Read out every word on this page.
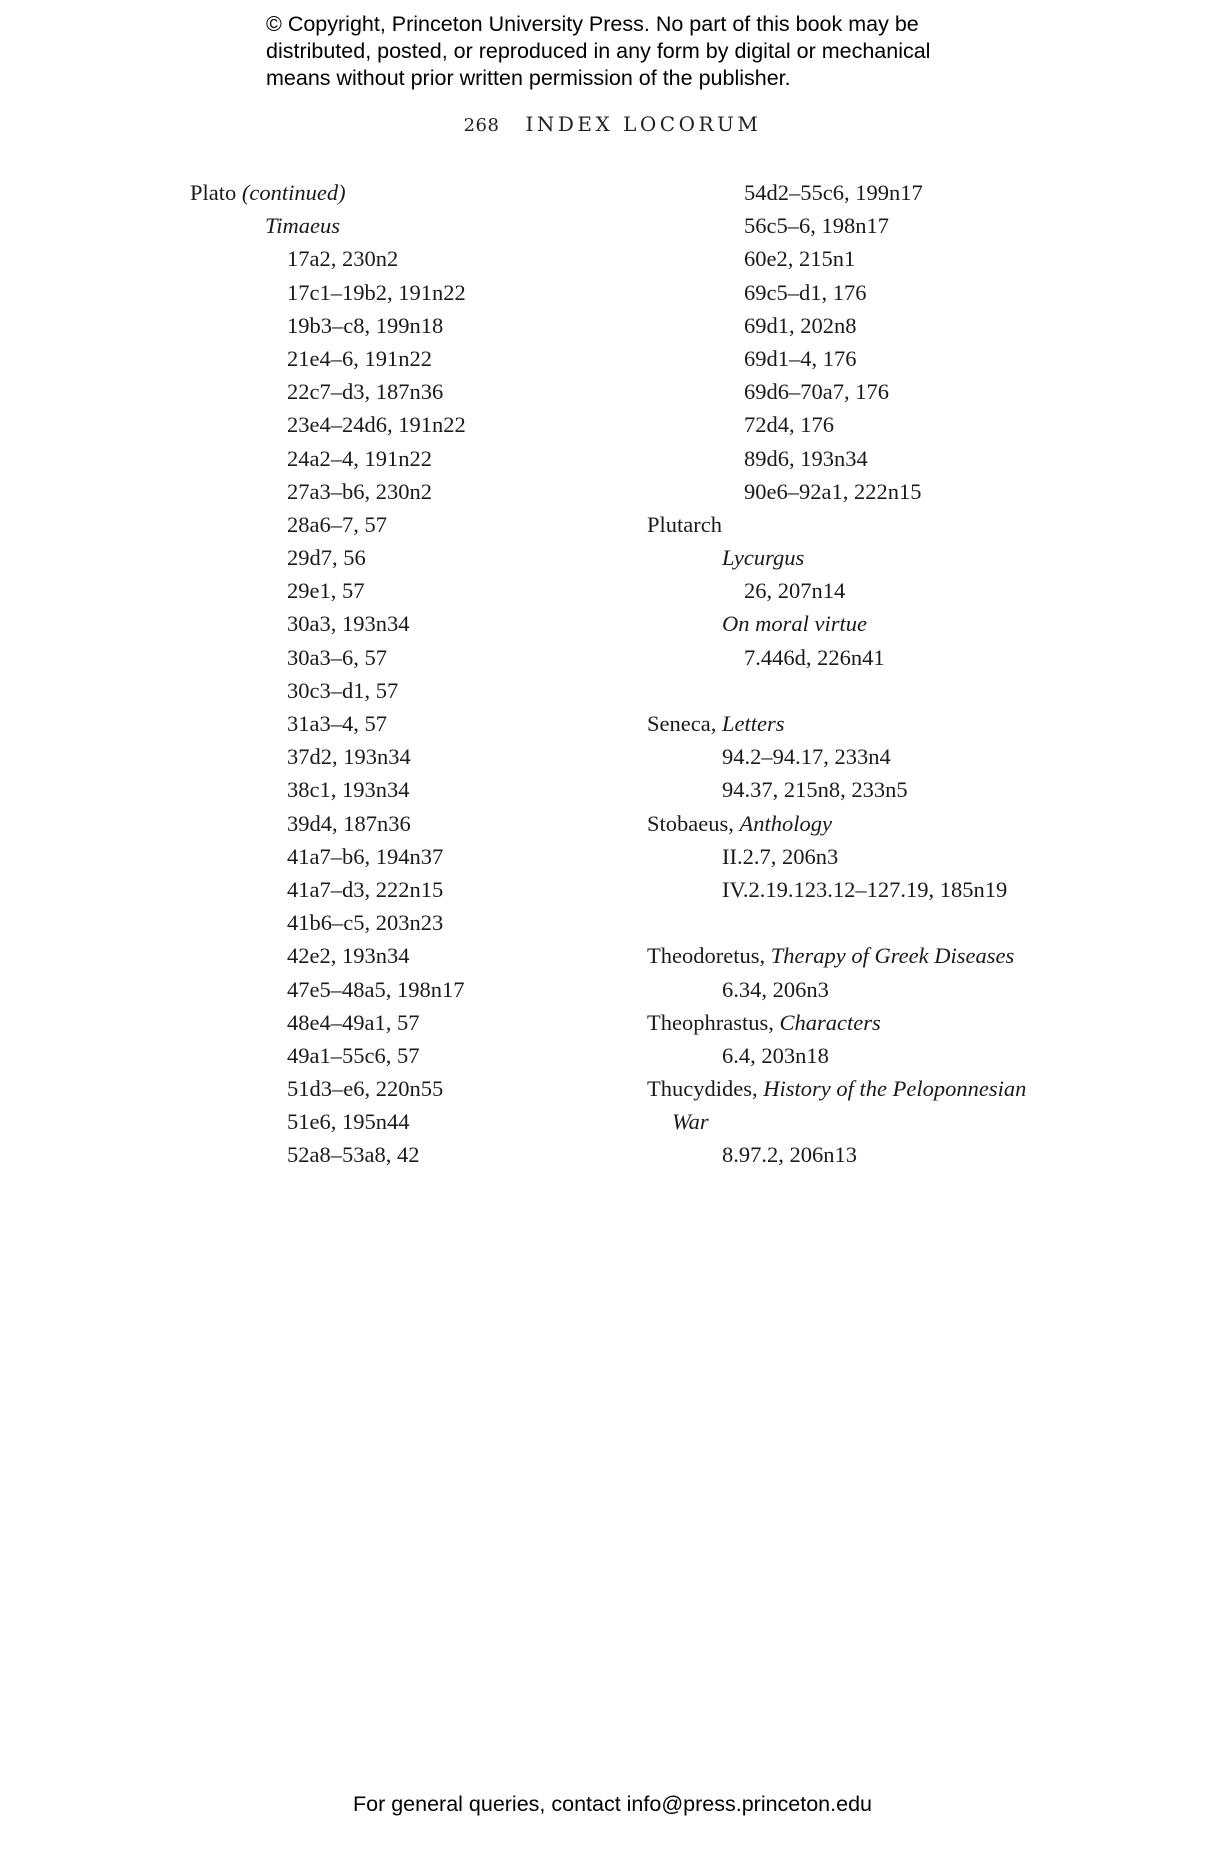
© Copyright, Princeton University Press. No part of this book may be distributed, posted, or reproduced in any form by digital or mechanical means without prior written permission of the publisher.
268 INDEX LOCORUM
Plato (continued)
Timaeus
17a2, 230n2
17c1–19b2, 191n22
19b3–c8, 199n18
21e4–6, 191n22
22c7–d3, 187n36
23e4–24d6, 191n22
24a2–4, 191n22
27a3–b6, 230n2
28a6–7, 57
29d7, 56
29e1, 57
30a3, 193n34
30a3–6, 57
30c3–d1, 57
31a3–4, 57
37d2, 193n34
38c1, 193n34
39d4, 187n36
41a7–b6, 194n37
41a7–d3, 222n15
41b6–c5, 203n23
42e2, 193n34
47e5–48a5, 198n17
48e4–49a1, 57
49a1–55c6, 57
51d3–e6, 220n55
51e6, 195n44
52a8–53a8, 42
54d2–55c6, 199n17
56c5–6, 198n17
60e2, 215n1
69c5–d1, 176
69d1, 202n8
69d1–4, 176
69d6–70a7, 176
72d4, 176
89d6, 193n34
90e6–92a1, 222n15
Plutarch
Lycurgus
26, 207n14
On moral virtue
7.446d, 226n41
Seneca, Letters
94.2–94.17, 233n4
94.37, 215n8, 233n5
Stobaeus, Anthology
II.2.7, 206n3
IV.2.19.123.12–127.19, 185n19
Theodoretus, Therapy of Greek Diseases
6.34, 206n3
Theophrastus, Characters
6.4, 203n18
Thucydides, History of the Peloponnesian
War
8.97.2, 206n13
For general queries, contact info@press.princeton.edu
